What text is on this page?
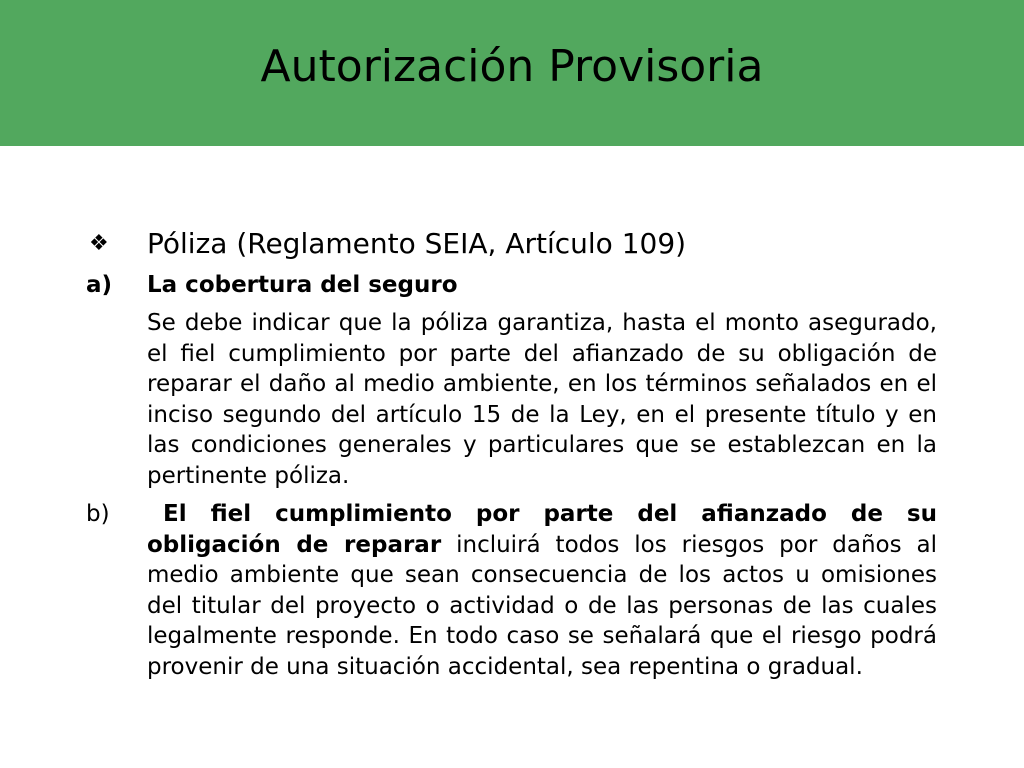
Autorización Provisoria
❖ Póliza (Reglamento SEIA, Artículo 109)
a) La cobertura del seguro
Se debe indicar que la póliza garantiza, hasta el monto asegurado, el fiel cumplimiento por parte del afianzado de su obligación de reparar el daño al medio ambiente, en los términos señalados en el inciso segundo del artículo 15 de la Ley, en el presente título y en las condiciones generales y particulares que se establezcan en la pertinente póliza.
b)	El fiel cumplimiento por parte del afianzado de su obligación de reparar incluirá todos los riesgos por daños al medio ambiente que sean consecuencia de los actos u omisiones del titular del proyecto o actividad o de las personas de las cuales legalmente responde. En todo caso se señalará que el riesgo podrá provenir de una situación accidental, sea repentina o gradual.
